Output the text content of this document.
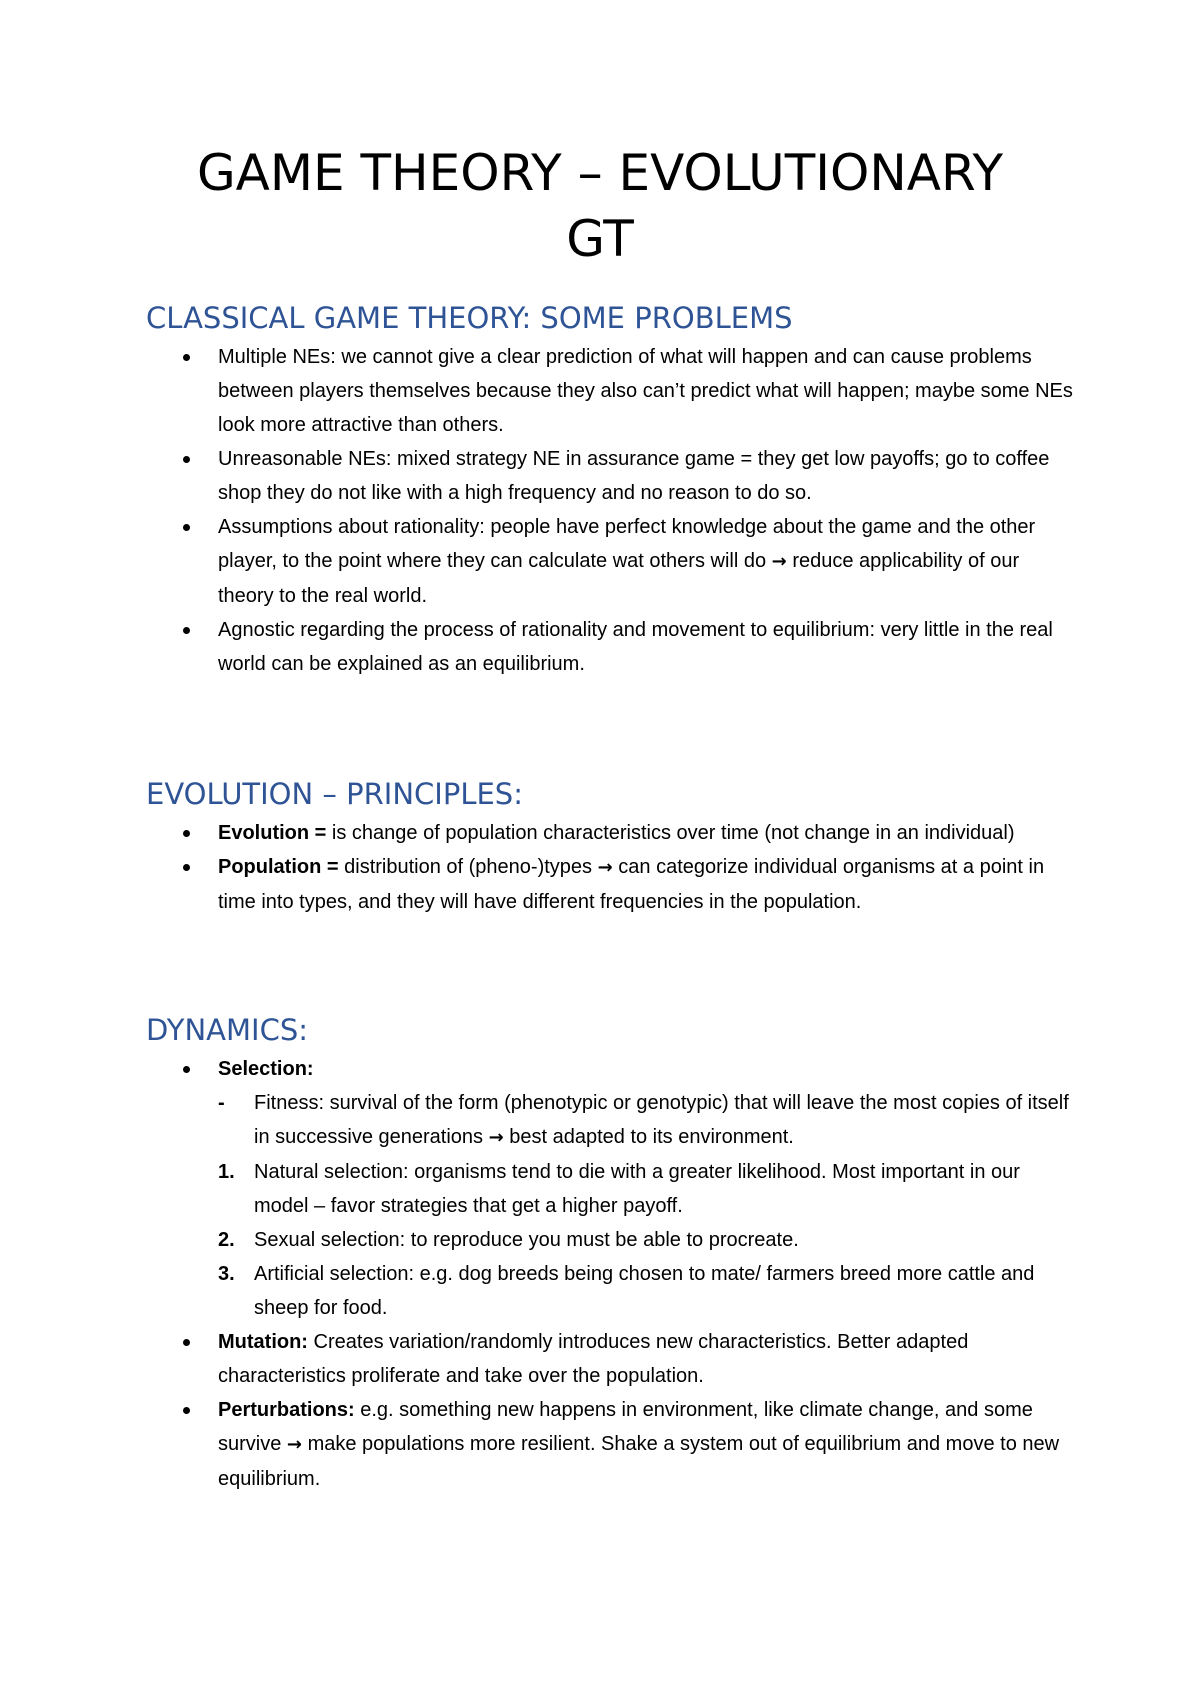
GAME THEORY – EVOLUTIONARY
GT
CLASSICAL GAME THEORY: SOME PROBLEMS
Multiple NEs: we cannot give a clear prediction of what will happen and can cause problems between players themselves because they also can’t predict what will happen; maybe some NEs look more attractive than others.
Unreasonable NEs: mixed strategy NE in assurance game = they get low payoffs; go to coffee shop they do not like with a high frequency and no reason to do so.
Assumptions about rationality: people have perfect knowledge about the game and the other player, to the point where they can calculate wat others will do → reduce applicability of our theory to the real world.
Agnostic regarding the process of rationality and movement to equilibrium: very little in the real world can be explained as an equilibrium.
EVOLUTION – PRINCIPLES:
Evolution = is change of population characteristics over time (not change in an individual)
Population = distribution of (pheno-)types → can categorize individual organisms at a point in time into types, and they will have different frequencies in the population.
DYNAMICS:
Selection:
- Fitness: survival of the form (phenotypic or genotypic) that will leave the most copies of itself in successive generations → best adapted to its environment.
1. Natural selection: organisms tend to die with a greater likelihood. Most important in our model – favor strategies that get a higher payoff.
2. Sexual selection: to reproduce you must be able to procreate.
3. Artificial selection: e.g. dog breeds being chosen to mate/ farmers breed more cattle and sheep for food.
Mutation: Creates variation/randomly introduces new characteristics. Better adapted characteristics proliferate and take over the population.
Perturbations: e.g. something new happens in environment, like climate change, and some survive → make populations more resilient. Shake a system out of equilibrium and move to new equilibrium.
